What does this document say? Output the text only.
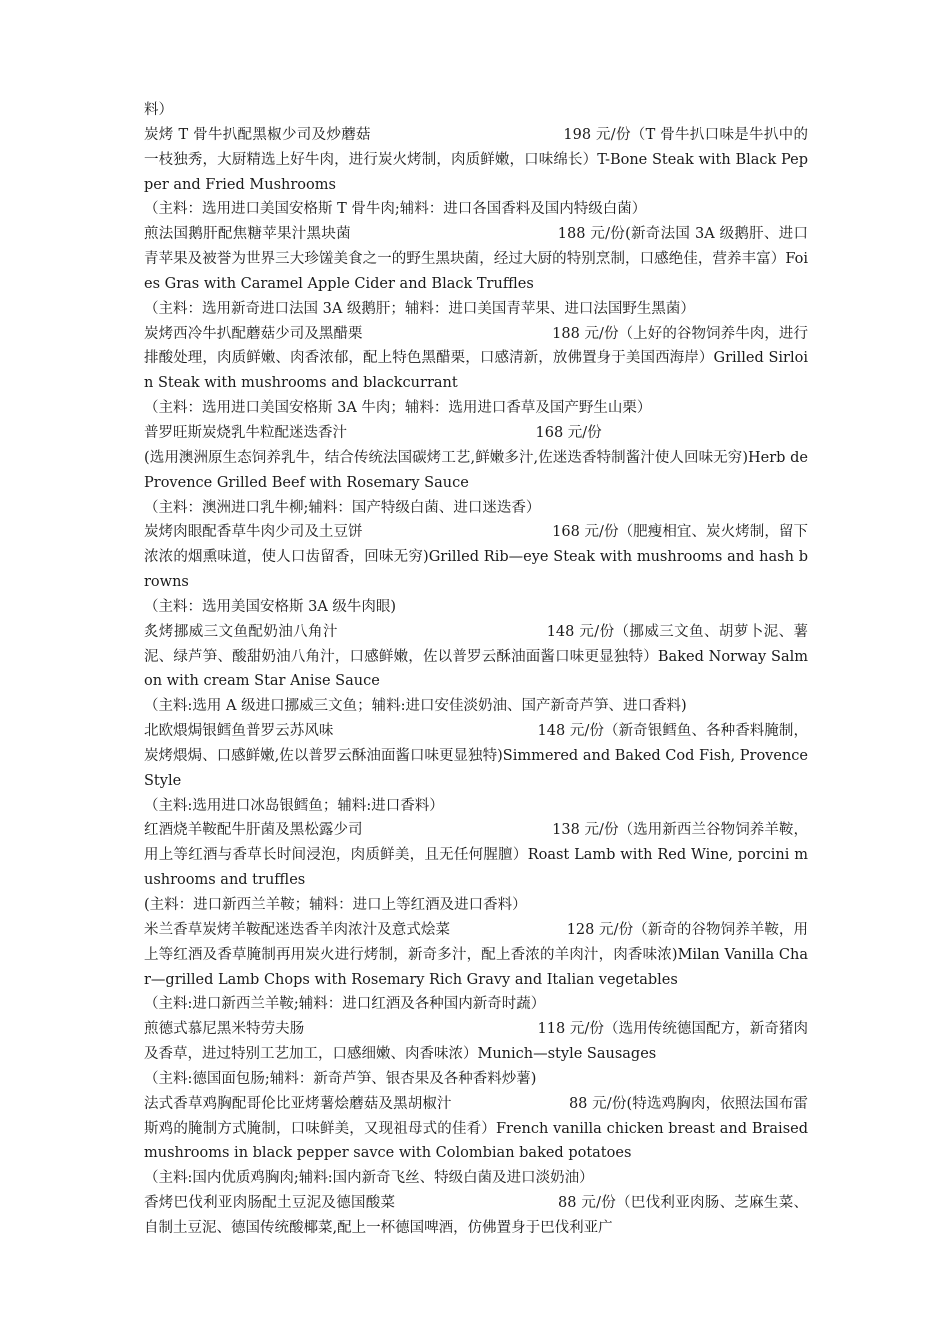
料）

炭烤 T 骨牛扒配黑椒少司及炒蘑菇　　　　　　　　　　　　　198 元/份（T 骨牛扒口味是牛扒中的一枝独秀，大厨精选上好牛肉，进行炭火烤制，肉质鲜嫩，口味绵长）T-Bone Steak with Black Pepper and Fried Mushrooms

（主料：选用进口美国安格斯 T 骨牛肉;辅料：进口各国香料及国内特级白菌）

煎法国鹅肝配焦糖苹果汁黑块菌　　　　　　　　　　　　　　188 元/份(新奇法国 3A 级鹅肝、进口青苹果及被誉为世界三大珍馐美食之一的野生黑块菌，经过大厨的特别烹制，口感绝佳，营养丰富）Foies Gras with Caramel Apple Cider and Black Truffles

（主料：选用新奇进口法国 3A 级鹅肝；辅料：进口美国青苹果、进口法国野生黑菌）

炭烤西冷牛扒配蘑菇少司及黑醋栗　　　　　　　　　　　　　188 元/份（上好的谷物饲养牛肉，进行排酸处理，肉质鲜嫩、肉香浓郁，配上特色黑醋栗，口感清新，放佛置身于美国西海岸）Grilled Sirloin Steak with mushrooms and blackcurrant

（主料：选用进口美国安格斯 3A 牛肉；辅料：选用进口香草及国产野生山栗）

普罗旺斯炭烧乳牛粒配迷迭香汁　　　　　　　　　　　　　168 元/份

(选用澳洲原生态饲养乳牛，结合传统法国碳烤工艺,鲜嫩多汁,佐迷迭香特制酱汁使人回味无穷)Herb de Provence Grilled Beef with Rosemary Sauce

（主料：澳洲进口乳牛柳;辅料：国产特级白菌、进口迷迭香）

炭烤肉眼配香草牛肉少司及土豆饼　　　　　　　　　　　　　168 元/份（肥瘦相宜、炭火烤制，留下浓浓的烟熏味道，使人口齿留香，回味无穷)Grilled Rib—eye Steak with mushrooms and hash browns

（主料：选用美国安格斯 3A 级牛肉眼)

炙烤挪威三文鱼配奶油八角汁　　　　　　　　　　　　　　148 元/份（挪威三文鱼、胡萝卜泥、薯泥、绿芦笋、酸甜奶油八角汁，口感鲜嫩，佐以普罗云酥油面酱口味更显独特）Baked Norway Salmon with cream Star Anise Sauce

（主料:选用 A 级进口挪威三文鱼；辅料:进口安佳淡奶油、国产新奇芦笋、进口香料)

北欧煨焗银鳕鱼普罗云苏风味　　　　　　　　　　　　　　148 元/份（新奇银鳕鱼、各种香料腌制，炭烤煨焗、口感鲜嫩,佐以普罗云酥油面酱口味更显独特)Simmered and Baked Cod Fish, Provence Style

（主料:选用进口冰岛银鳕鱼；辅料:进口香料）

红酒烧羊鞍配牛肝菌及黑松露少司　　　　　　　　　　　　　138 元/份（选用新西兰谷物饲养羊鞍，用上等红酒与香草长时间浸泡，肉质鲜美，且无任何腥膻）Roast Lamb with Red Wine, porcini mushrooms and truffles

(主料：进口新西兰羊鞍；辅料：进口上等红酒及进口香料）

米兰香草炭烤羊鞍配迷迭香羊肉浓汁及意式烩菜　　　　　　　　128 元/份（新奇的谷物饲养羊鞍，用上等红酒及香草腌制再用炭火进行烤制，新奇多汁，配上香浓的羊肉汁，肉香味浓)Milan Vanilla Char—grilled Lamb Chops with Rosemary Rich Gravy and Italian vegetables

（主料:进口新西兰羊鞍;辅料：进口红酒及各种国内新奇时蔬）

煎德式慕尼黑米特劳夫肠　　　　　　　　　　　　　　　　118 元/份（选用传统德国配方，新奇猪肉及香草，进过特别工艺加工，口感细嫩、肉香味浓）Munich—style Sausages

（主料:德国面包肠;辅料：新奇芦笋、银杏果及各种香料炒薯)

法式香草鸡胸配哥伦比亚烤薯烩蘑菇及黑胡椒汁　　　　　　　　88 元/份(特选鸡胸肉，依照法国布雷斯鸡的腌制方式腌制，口味鲜美，又现祖母式的佳肴）French vanilla chicken breast and Braised mushrooms in black pepper savce with Colombian baked potatoes

（主料:国内优质鸡胸肉;辅料:国内新奇飞丝、特级白菌及进口淡奶油）

香烤巴伐利亚肉肠配土豆泥及德国酸菜　　　　　　　　　　　88 元/份（巴伐利亚肉肠、芝麻生菜、自制土豆泥、德国传统酸椰菜,配上一杯德国啤酒，仿佛置身于巴伐利亚广
